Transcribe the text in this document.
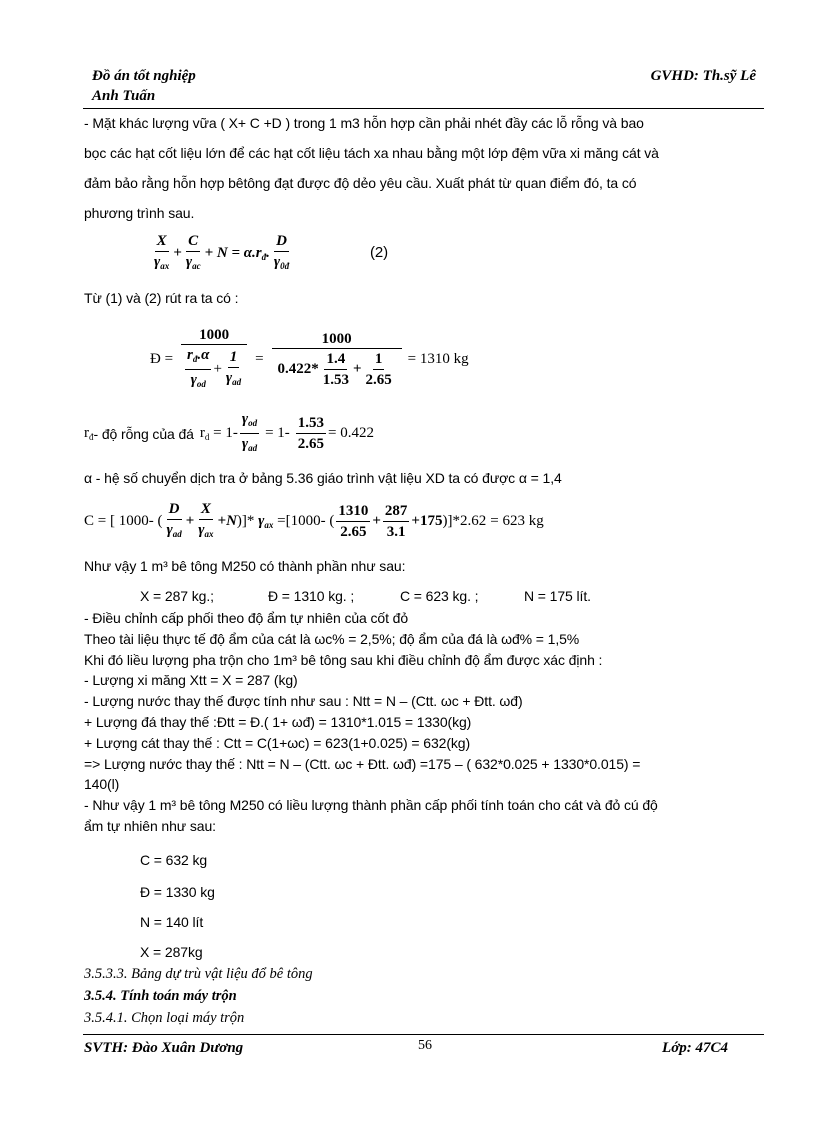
Đồ án tốt nghiệp
Anh Tuấn
GVHD: Th.sỹ Lê
- Mặt khác lượng vữa ( X+ C +D ) trong 1 m3 hỗn hợp cần phải nhét đầy các lỗ rỗng và bao
bọc các hạt cốt liệu lớn để các hạt cốt liệu tách xa nhau bằng một lớp đệm vữa xi măng cát và
đảm bảo rằng hỗn hợp bêtông đạt được độ dẻo yêu cầu. Xuất phát từ quan điểm đó, ta có
phương trình sau.
$\frac{X}{\gamma_{ax}} + \frac{C}{\gamma_{ac}} + N = \alpha.r_đ$. $\frac{D}{\gamma_{0đ}}$	(2)
Từ (1) và (2) rút ra ta có :
Đ = $\frac{1000}{\frac{r_đ.\alpha}{\gamma_{od}} + \frac{1}{\gamma_{ad}}} = \frac{1000}{0.422* \frac{1.4}{1.53} + \frac{1}{2.65}} = 1310$ kg
$r_đ$ - độ rỗng của đá $r_d = 1- \frac{\gamma_{od}}{\gamma_{ad}} = 1- \frac{1.53}{2.65} = 0.422$
α - hệ số chuyển dịch tra ở bảng 5.36 giáo trình vật liệu XD ta có được α = 1,4
C = [ 1000- ( $\frac{D}{\gamma_{ad}} + \frac{X}{\gamma_{ax}} +N$ )]* $\gamma_{ax} =[1000-$ ( $\frac{1310}{2.65} + \frac{287}{3.1} +175$ )]*2.62 = 623 kg
Như vậy 1 m³ bê tông M250 có thành phần như sau:
X = 287 kg.;	Đ = 1310 kg. ;	C = 623 kg. ;	N = 175 lít.
- Điều chỉnh cấp phối theo độ ẩm tự nhiên của cốt đỏ
Theo tài liệu thực tế độ ẩm của cát là ωc% = 2,5%; độ ẩm của đá là ωđ% = 1,5%
Khi đó liều lượng pha trộn cho 1m³ bê tông sau khi điều chỉnh độ ẩm được xác định :
- Lượng xi măng Xtt = X = 287 (kg)
- Lượng nước thay thế được tính như sau : Ntt = N – (Ctt. ωc + Đtt. ωđ)
+ Lượng đá thay thế :Đtt = Đ.( 1+ ωđ) = 1310*1.015 = 1330(kg)
+ Lượng cát thay thế : Ctt = C(1+ωc) = 623(1+0.025) = 632(kg)
=> Lượng nước thay thế : Ntt = N – (Ctt. ωc + Đtt. ωđ) =175 – ( 632*0.025 + 1330*0.015) =
140(l)
- Như vậy 1 m³ bê tông M250 có liều lượng thành phần cấp phối tính toán cho cát và đỏ cú độ
ẩm tự nhiên như sau:
C = 632 kg
Đ = 1330 kg
N = 140 lít
X = 287kg
3.5.3.3. Bảng dự trù vật liệu đổ bê tông
3.5.4. Tính toán máy trộn
3.5.4.1. Chọn loại máy trộn
SVTH: Đào Xuân Dương	56	Lớp: 47C4
